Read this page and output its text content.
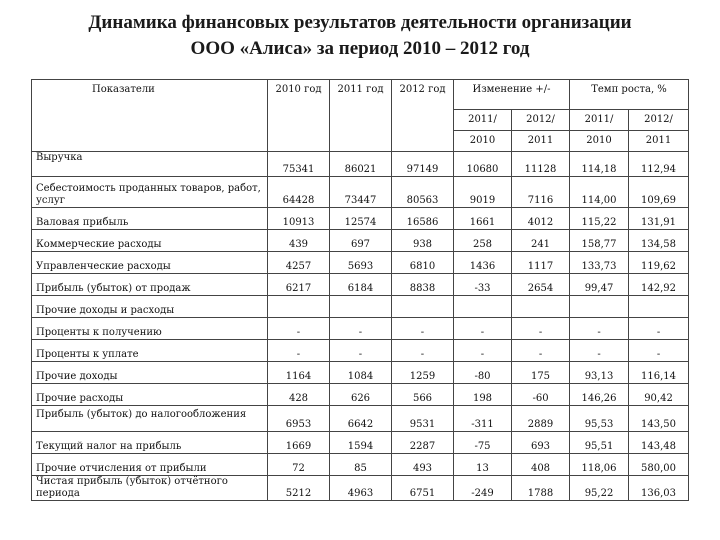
Динамика финансовых результатов деятельности организации
ООО «Алиса» за период 2010 – 2012 год
Показатели	2010 год	2011 год	2012 год	Изменение +/-		Темп роста, %	
				2011/	2012/	2011/	2012/
				2010	2011	2010	2011
Выручка	75341	86021	97149	10680	11128	114,18	112,94
Себестоимость проданных товаров, работ, услуг	64428	73447	80563	9019	7116	114,00	109,69
Валовая прибыль	10913	12574	16586	1661	4012	115,22	131,91
Коммерческие расходы	439	697	938	258	241	158,77	134,58
Управленческие расходы	4257	5693	6810	1436	1117	133,73	119,62
Прибыль (убыток) от продаж	6217	6184	8838	-33	2654	99,47	142,92
Прочие доходы и расходы							
Проценты к получению	-	-	-	-	-	-	-
Проценты к уплате	-	-	-	-	-	-	-
Прочие доходы	1164	1084	1259	-80	175	93,13	116,14
Прочие расходы	428	626	566	198	-60	146,26	90,42
Прибыль (убыток) до налогообложения	6953	6642	9531	-311	2889	95,53	143,50
Текущий налог на прибыль	1669	1594	2287	-75	693	95,51	143,48
Прочие отчисления от прибыли	72	85	493	13	408	118,06	580,00
Чистая прибыль (убыток) отчётного периода	5212	4963	6751	-249	1788	95,22	136,03
